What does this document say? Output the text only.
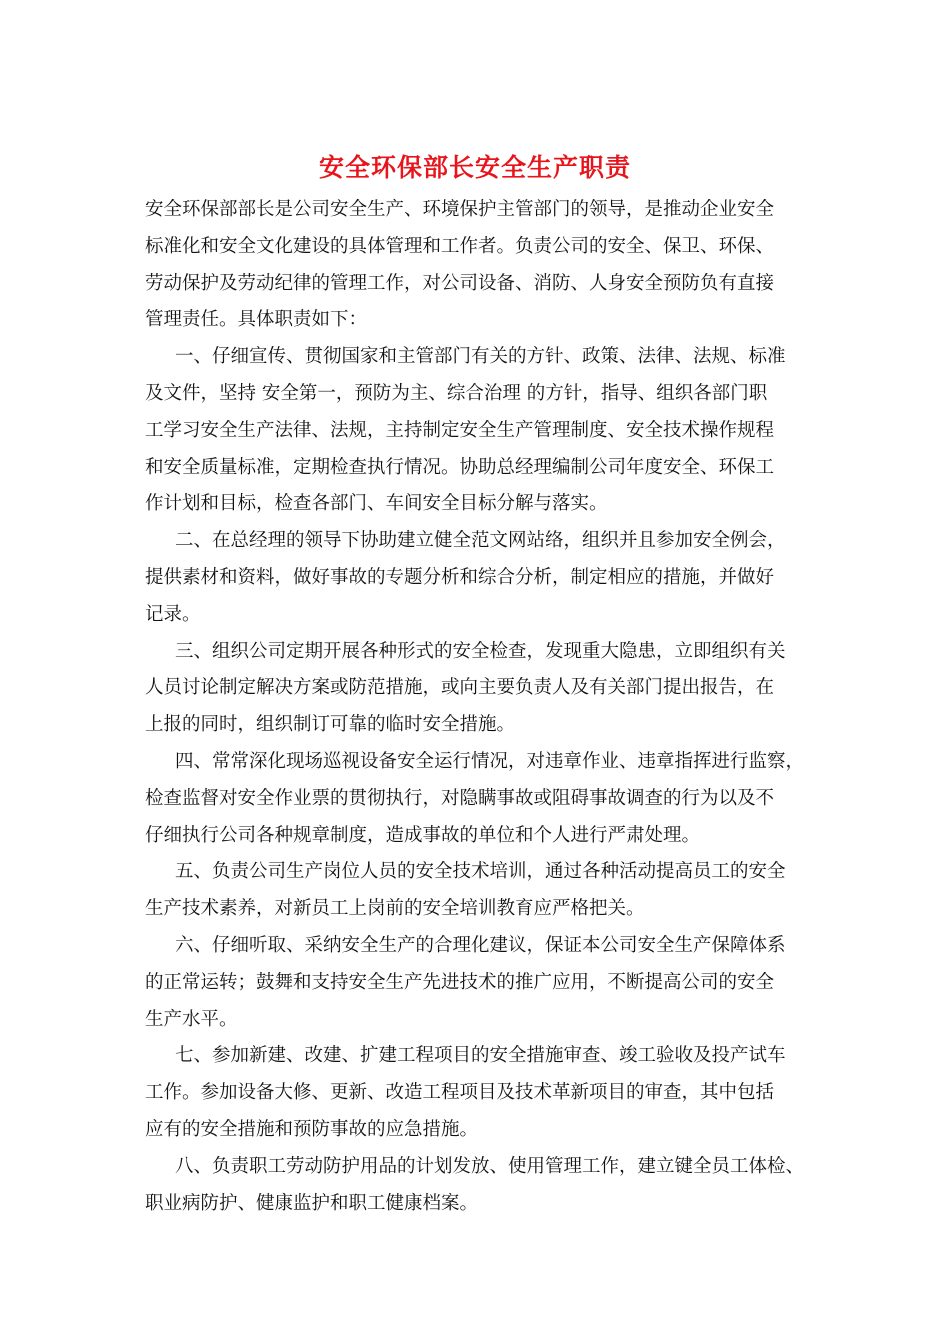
安全环保部长安全生产职责
安全环保部部长是公司安全生产、环境保护主管部门的领导，是推动企业安全
标准化和安全文化建设的具体管理和工作者。负责公司的安全、保卫、环保、
劳动保护及劳动纪律的管理工作，对公司设备、消防、人身安全预防负有直接
管理责任。具体职责如下：
一、仔细宣传、贯彻国家和主管部门有关的方针、政策、法律、法规、标准
及文件，坚持 安全第一，预防为主、综合治理 的方针，指导、组织各部门职
工学习安全生产法律、法规，主持制定安全生产管理制度、安全技术操作规程
和安全质量标准，定期检查执行情况。协助总经理编制公司年度安全、环保工
作计划和目标，检查各部门、车间安全目标分解与落实。
二、在总经理的领导下协助建立健全范文网站络，组织并且参加安全例会，
提供素材和资料，做好事故的专题分析和综合分析，制定相应的措施，并做好
记录。
三、组织公司定期开展各种形式的安全检查，发现重大隐患，立即组织有关
人员讨论制定解决方案或防范措施，或向主要负责人及有关部门提出报告，在
上报的同时，组织制订可靠的临时安全措施。
四、常常深化现场巡视设备安全运行情况，对违章作业、违章指挥进行监察，
检查监督对安全作业票的贯彻执行，对隐瞒事故或阻碍事故调查的行为以及不
仔细执行公司各种规章制度，造成事故的单位和个人进行严肃处理。
五、负责公司生产岗位人员的安全技术培训，通过各种活动提高员工的安全
生产技术素养，对新员工上岗前的安全培训教育应严格把关。
六、仔细听取、采纳安全生产的合理化建议，保证本公司安全生产保障体系
的正常运转；鼓舞和支持安全生产先进技术的推广应用，不断提高公司的安全
生产水平。
七、参加新建、改建、扩建工程项目的安全措施审查、竣工验收及投产试车
工作。参加设备大修、更新、改造工程项目及技术革新项目的审查，其中包括
应有的安全措施和预防事故的应急措施。
八、负责职工劳动防护用品的计划发放、使用管理工作，建立键全员工体检、
职业病防护、健康监护和职工健康档案。
